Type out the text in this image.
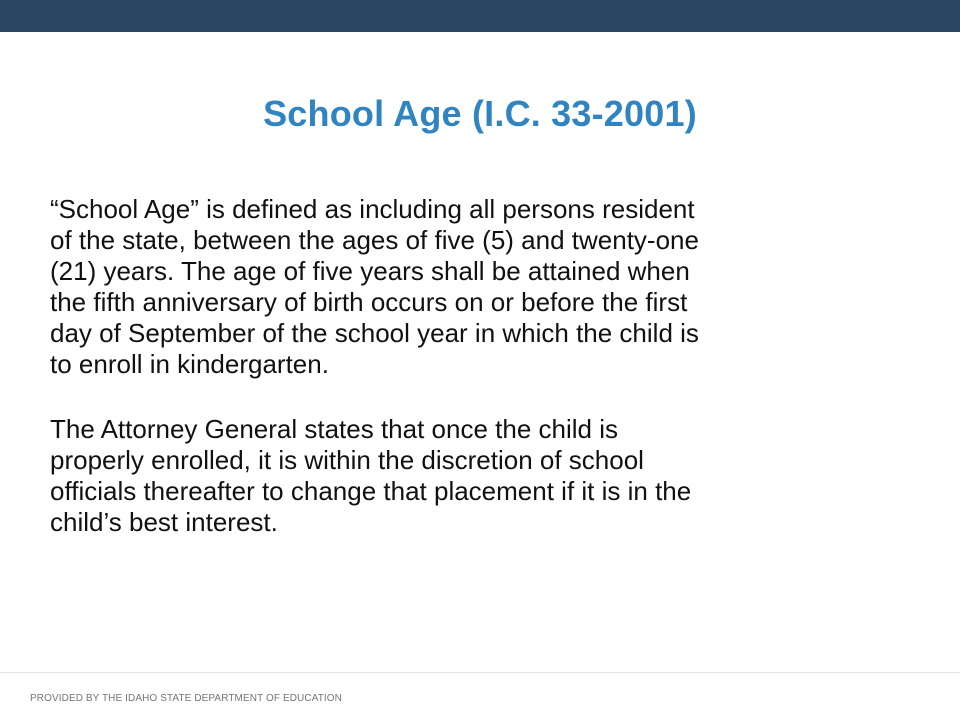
School Age (I.C. 33-2001)

“School Age” is defined as including all persons resident
of the state, between the ages of five (5) and twenty-one
(21) years. The age of five years shall be attained when
the fifth anniversary of birth occurs on or before the first
day of September of the school year in which the child is
to enroll in kindergarten.

The Attorney General states that once the child is
properly enrolled, it is within the discretion of school
officials thereafter to change that placement if it is in the
child’s best interest.

PROVIDED BY THE IDAHO STATE DEPARTMENT OF EDUCATION
